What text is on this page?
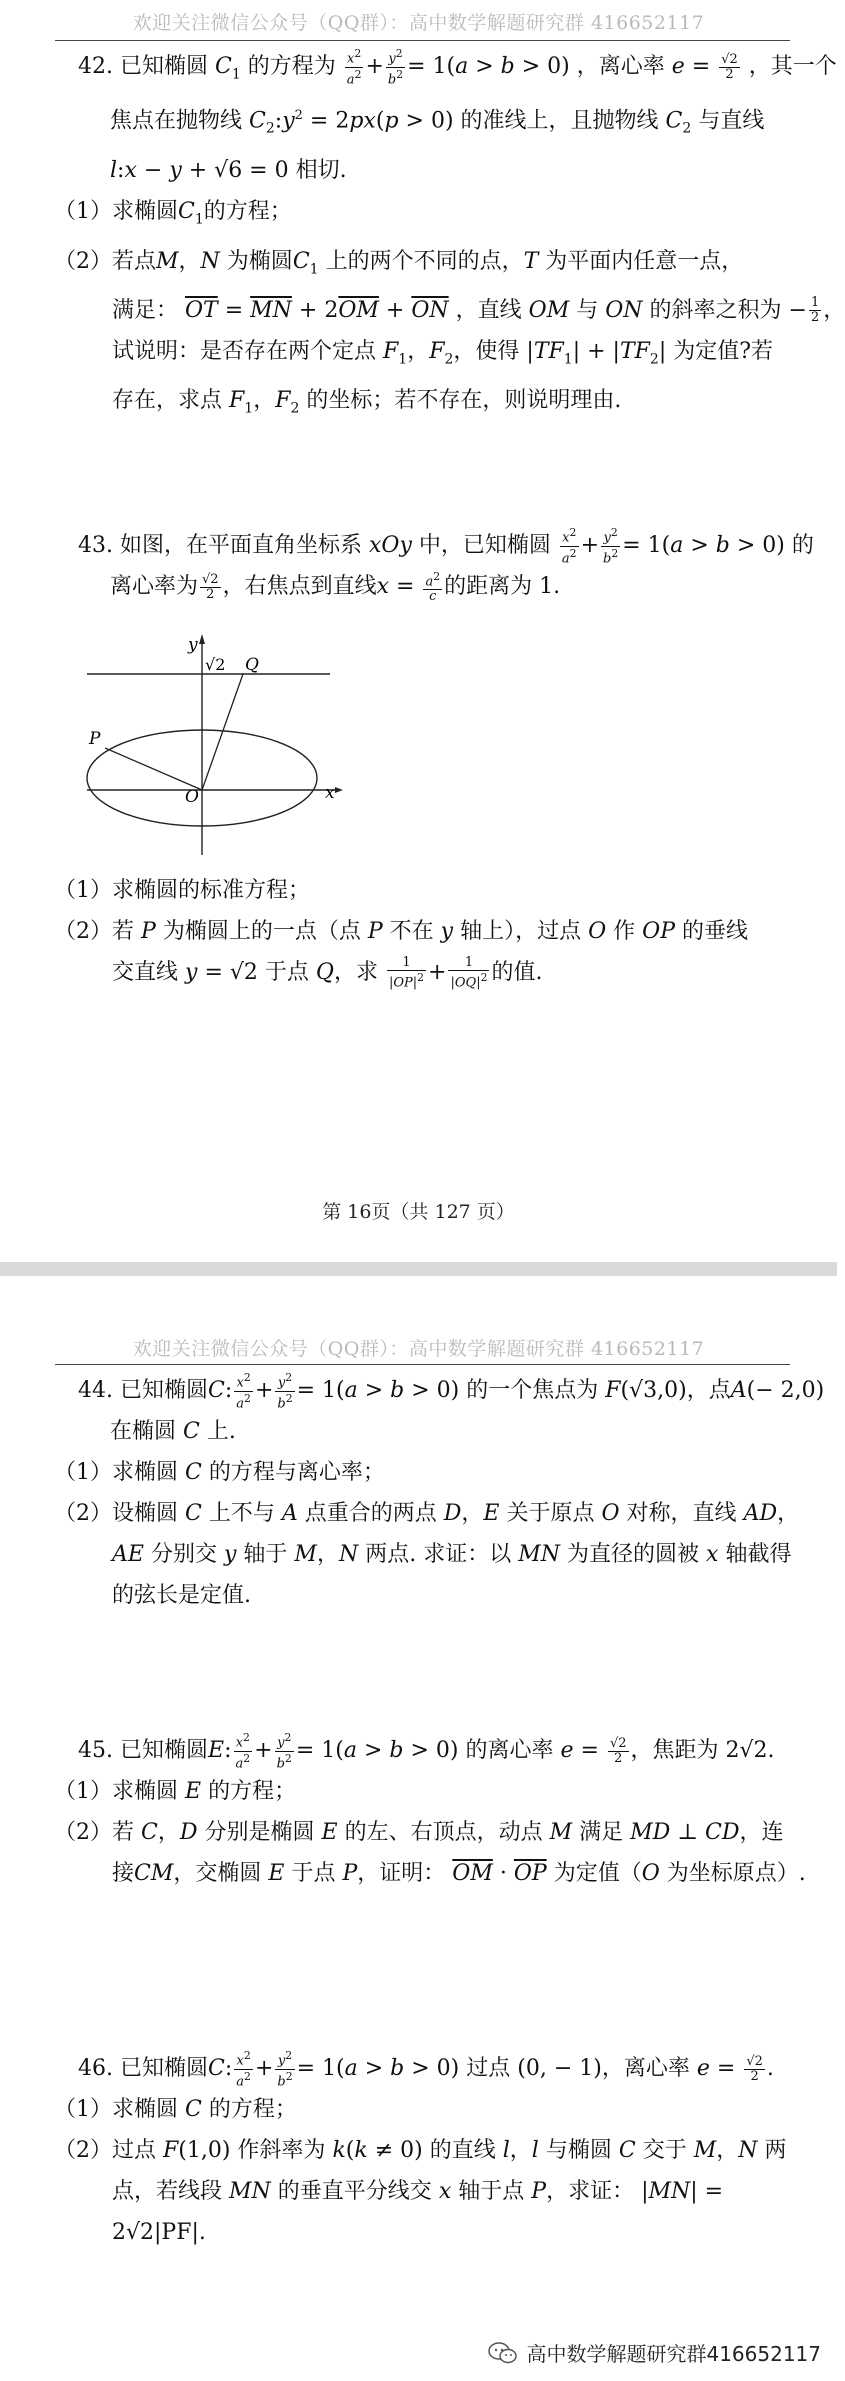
欢迎关注微信公众号（QQ群）：高中数学解题研究群 416652117
42. 已知椭圆 $C_1$ 的方程为 $\frac{x^2}{a^2} + \frac{y^2}{b^2} = 1(a > b > 0)$ ，离心率 $e = \frac{√2}{2}$ ，其一个
焦点在抛物线 $C_2:y^2 = 2px(p > 0)$ 的准线上，且抛物线 $C_2$ 与直线
l:x − y + √6 = 0 相切.
（1）求椭圆$C_1$的方程；
（2）若点M，N 为椭圆$C_1$ 上的两个不同的点，T 为平面内任意一点，
满足： $\overline{OT} = \overline{MN} + 2\overline{OM} + \overline{ON}$ ，直线 OM 与 ON 的斜率之积为 − $\frac{1}{2}$ ，
试说明：是否存在两个定点 $F_1$，$F_2$，使得 $|TF_1| + |TF_2|$ 为定值?若
存在，求点 $F_1$，$F_2$ 的坐标；若不存在，则说明理由.
43. 如图，在平面直角坐标系 xOy 中，已知椭圆 $\frac{x^2}{a^2} + \frac{y^2}{b^2} = 1(a > b > 0)$ 的
离心率为 $\frac{√2}{2}$ ，右焦点到直线$x = \frac{a^2}{c}$ 的距离为 1.
y
x
O
P
Q
√2
（1）求椭圆的标准方程；
（2）若 P 为椭圆上的一点（点 P 不在 y 轴上），过点 O 作 OP 的垂线
交直线 y = √2 于点 Q，求 $\frac{1}{|OP|^2} + \frac{1}{|OQ|^2}$ 的值.
第 16页（共 127 页）
欢迎关注微信公众号（QQ群）：高中数学解题研究群 416652117
44. 已知椭圆C: $\frac{x^2}{a^2} + \frac{y^2}{b^2} = 1(a > b > 0)$ 的一个焦点为 F(√3,0)，点A(− 2,0)
在椭圆 C 上.
（1）求椭圆 C 的方程与离心率；
（2）设椭圆 C 上不与 A 点重合的两点 D，E 关于原点 O 对称，直线 AD，
AE 分别交 y 轴于 M，N 两点. 求证：以 MN 为直径的圆被 x 轴截得
的弦长是定值.
45. 已知椭圆E: $\frac{x^2}{a^2} + \frac{y^2}{b^2} = 1(a > b > 0)$ 的离心率 $e = \frac{√2}{2}$ ，焦距为 2√2.
（1）求椭圆 E 的方程；
（2）若 C，D 分别是椭圆 E 的左、右顶点，动点 M 满足 MD ⊥ CD，连
接CM，交椭圆 E 于点 P，证明： $\overline{OM} \cdot \overline{OP}$ 为定值（O 为坐标原点）.
46. 已知椭圆C: $\frac{x^2}{a^2} + \frac{y^2}{b^2} = 1(a > b > 0)$ 过点 (0, − 1)，离心率 $e = \frac{√2}{2}$ .
（1）求椭圆 C 的方程；
（2）过点 F(1,0) 作斜率为 k(k ≠ 0) 的直线 l，l 与椭圆 C 交于 M，N 两
点，若线段 MN 的垂直平分线交 x 轴于点 P，求证： |MN| =
2√2|PF|.
高中数学解题研究群416652117
